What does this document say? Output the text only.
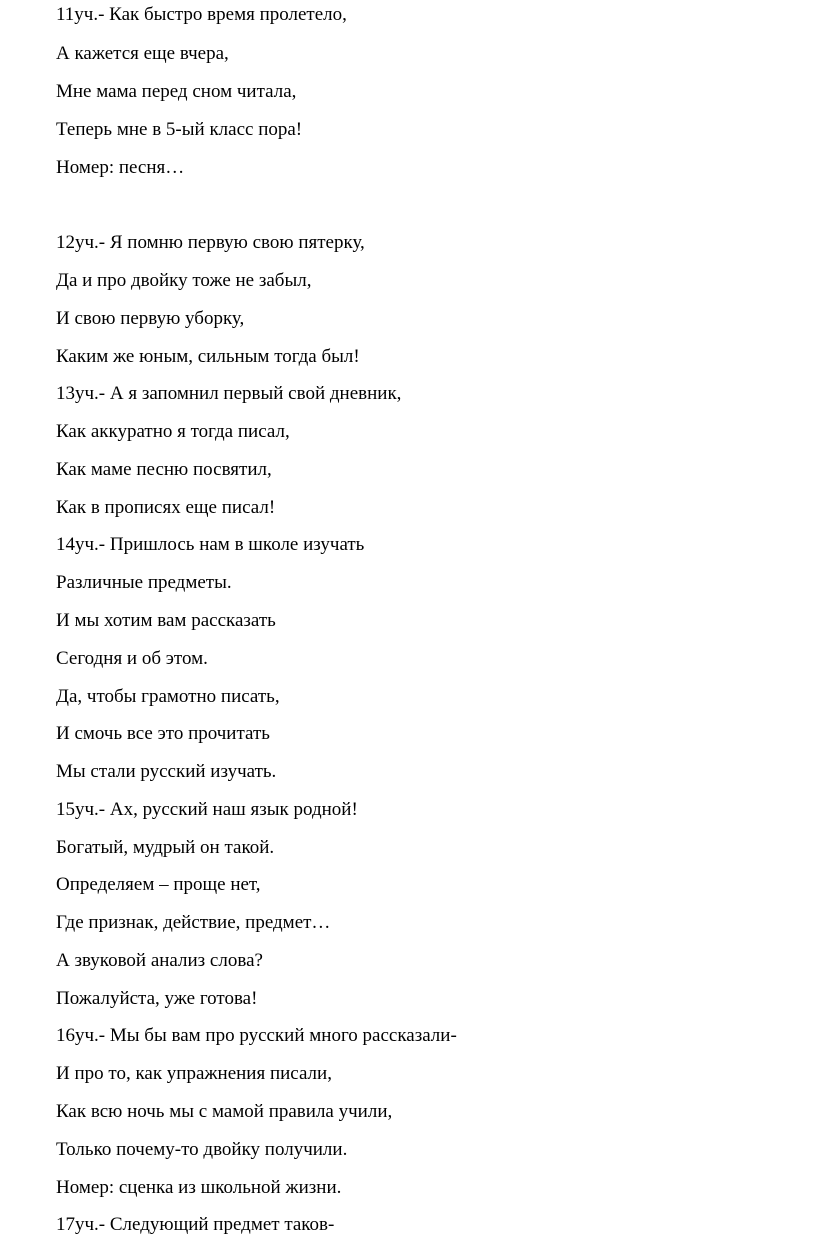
11уч.- Как быстро время пролетело,
А кажется еще вчера,
Мне мама перед сном читала,
Теперь мне в 5-ый класс пора!
Номер: песня…
12уч.- Я помню первую свою пятерку,
Да и про двойку тоже не забыл,
И свою первую уборку,
Каким же юным, сильным тогда был!
13уч.- А я запомнил первый свой дневник,
Как аккуратно я тогда писал,
Как маме песню посвятил,
Как в прописях еще писал!
14уч.- Пришлось нам в школе изучать
Различные предметы.
И мы хотим вам рассказать
Сегодня и об этом.
Да, чтобы грамотно писать,
И смочь все это прочитать
Мы стали русский изучать.
15уч.- Ах, русский наш язык родной!
Богатый, мудрый он такой.
Определяем – проще нет,
Где признак, действие, предмет…
А звуковой анализ слова?
Пожалуйста, уже готова!
16уч.- Мы бы вам про русский много рассказали-
И про то, как упражнения писали,
Как всю ночь мы с мамой правила учили,
Только почему-то двойку получили.
Номер: сценка из школьной жизни.
17уч.- Следующий предмет таков-
